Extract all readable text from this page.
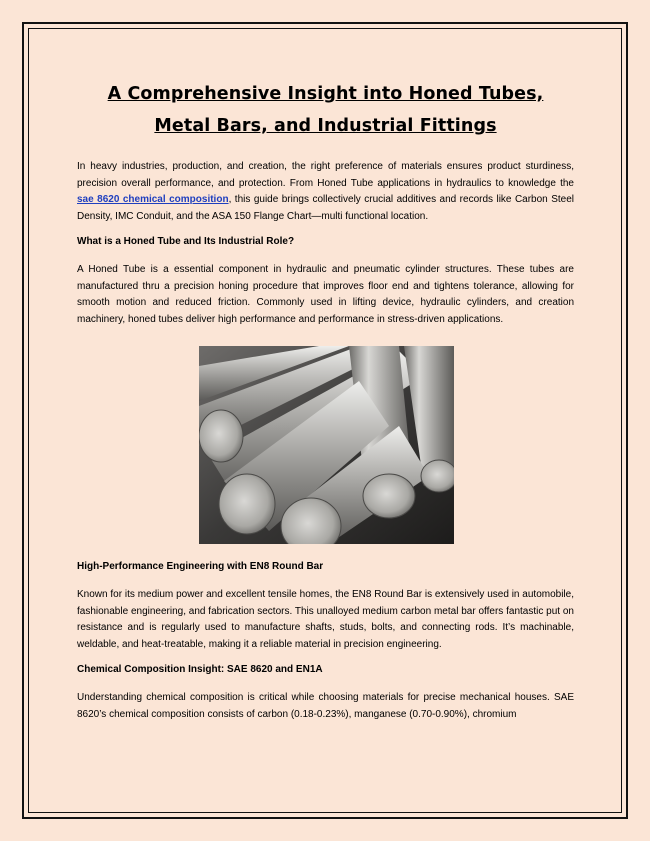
A Comprehensive Insight into Honed Tubes,
Metal Bars, and Industrial Fittings

In heavy industries, production, and creation, the right preference of materials ensures product sturdiness, precision overall performance, and protection. From Honed Tube applications in hydraulics to knowledge the sae 8620 chemical composition, this guide brings collectively crucial additives and records like Carbon Steel Density, IMC Conduit, and the ASA 150 Flange Chart—multi functional location.

What is a Honed Tube and Its Industrial Role?

A Honed Tube is a essential component in hydraulic and pneumatic cylinder structures. These tubes are manufactured thru a precision honing procedure that improves floor end and tightens tolerance, allowing for smooth motion and reduced friction. Commonly used in lifting device, hydraulic cylinders, and creation machinery, honed tubes deliver high performance and performance in stress-driven applications.

High-Performance Engineering with EN8 Round Bar

Known for its medium power and excellent tensile homes, the EN8 Round Bar is extensively used in automobile, fashionable engineering, and fabrication sectors. This unalloyed medium carbon metal bar offers fantastic put on resistance and is regularly used to manufacture shafts, studs, bolts, and connecting rods. It’s machinable, weldable, and heat-treatable, making it a reliable material in precision engineering.

Chemical Composition Insight: SAE 8620 and EN1A

Understanding chemical composition is critical while choosing materials for precise mechanical houses. SAE 8620’s chemical composition consists of carbon (0.18-0.23%), manganese (0.70-0.90%), chromium
